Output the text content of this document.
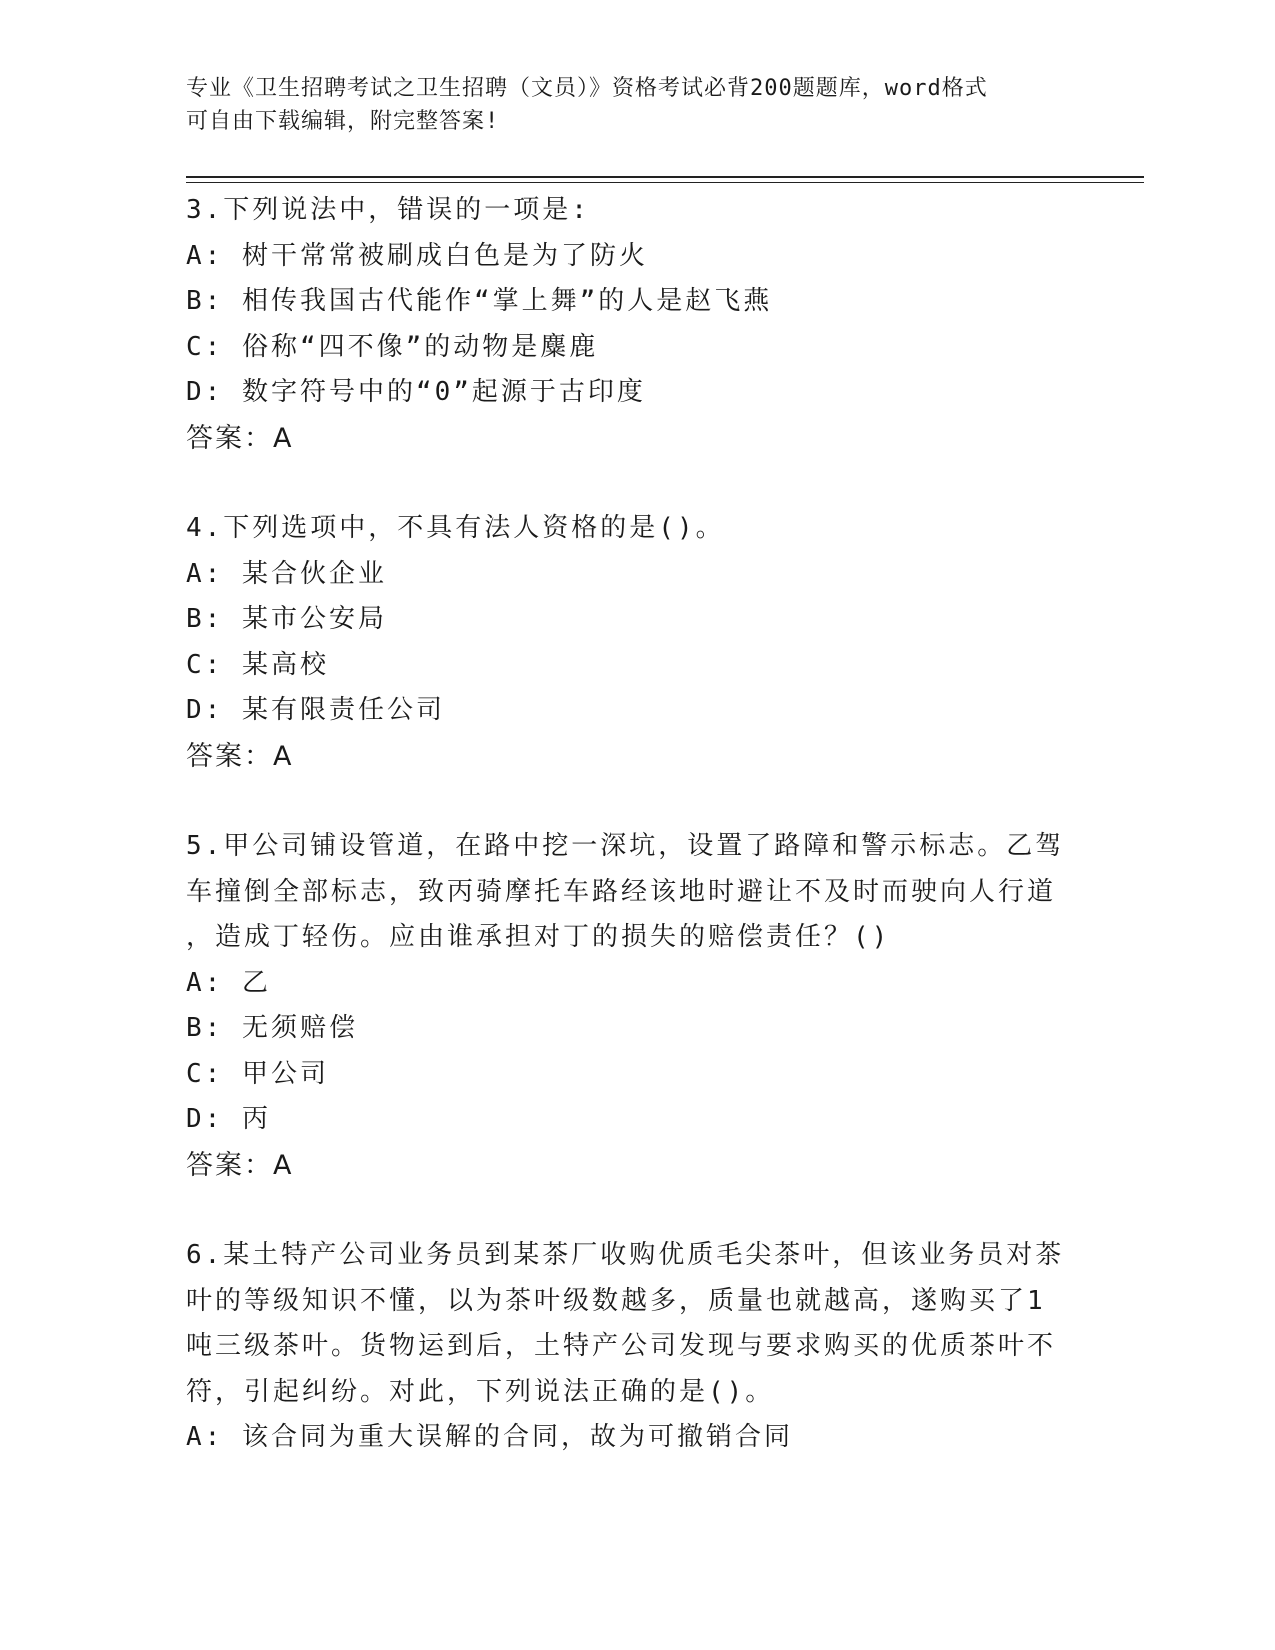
专业《卫生招聘考试之卫生招聘（文员）》资格考试必背200题题库，word格式
可自由下载编辑，附完整答案!
3.下列说法中，错误的一项是:
A: 树干常常被刷成白色是为了防火
B: 相传我国古代能作“掌上舞”的人是赵飞燕
C: 俗称“四不像”的动物是麋鹿
D: 数字符号中的“0”起源于古印度
答案：A
4.下列选项中，不具有法人资格的是()。
A: 某合伙企业
B: 某市公安局
C: 某高校
D: 某有限责任公司
答案：A
5.甲公司铺设管道，在路中挖一深坑，设置了路障和警示标志。乙驾
车撞倒全部标志，致丙骑摩托车路经该地时避让不及时而驶向人行道
，造成丁轻伤。应由谁承担对丁的损失的赔偿责任？()
A: 乙
B: 无须赔偿
C: 甲公司
D: 丙
答案：A
6.某土特产公司业务员到某茶厂收购优质毛尖茶叶，但该业务员对茶
叶的等级知识不懂，以为茶叶级数越多，质量也就越高，遂购买了1
吨三级茶叶。货物运到后，土特产公司发现与要求购买的优质茶叶不
符，引起纠纷。对此，下列说法正确的是()。
A: 该合同为重大误解的合同，故为可撤销合同
